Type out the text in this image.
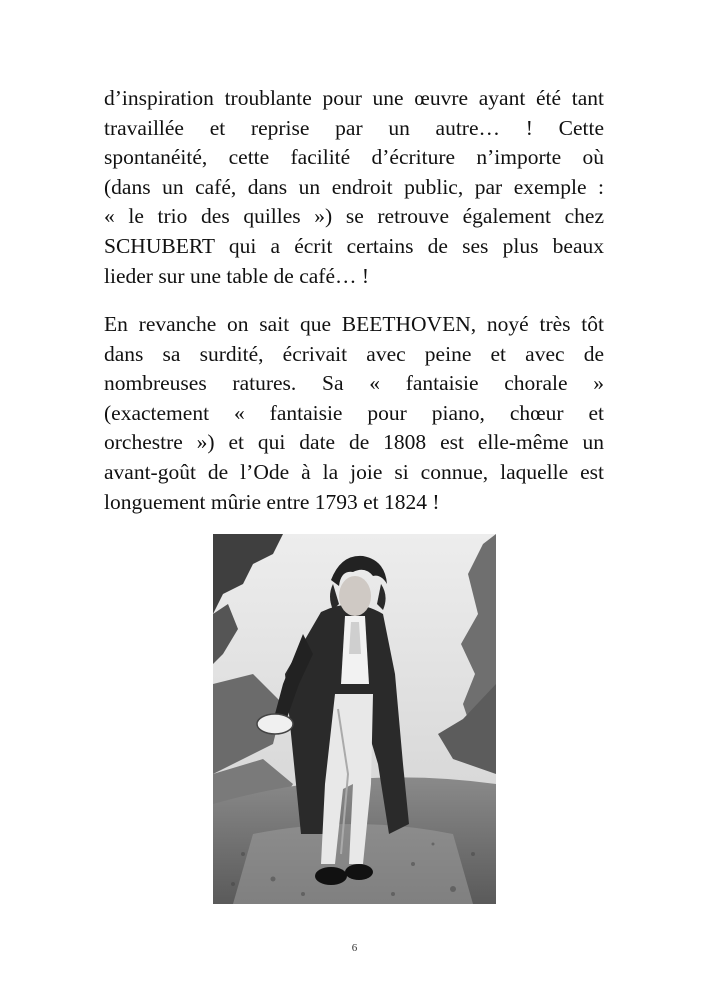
d’inspiration troublante pour une œuvre ayant été tant
travaillée et reprise par un autre… ! Cette
spontanéité, cette facilité d’écriture n’importe où
(dans un café, dans un endroit public, par exemple :
« le trio des quilles ») se retrouve également chez
SCHUBERT qui a écrit certains de ses plus beaux
lieder sur une table de café… !
En revanche on sait que BEETHOVEN, noyé très tôt
dans sa surdité, écrivait avec peine et avec de
nombreuses ratures. Sa « fantaisie chorale »
(exactement « fantaisie pour piano, chœur et
orchestre ») et qui date de 1808 est elle-même un
avant-goût de l’Ode à la joie si connue, laquelle est
longuement mûrie entre 1793 et 1824 !
6
